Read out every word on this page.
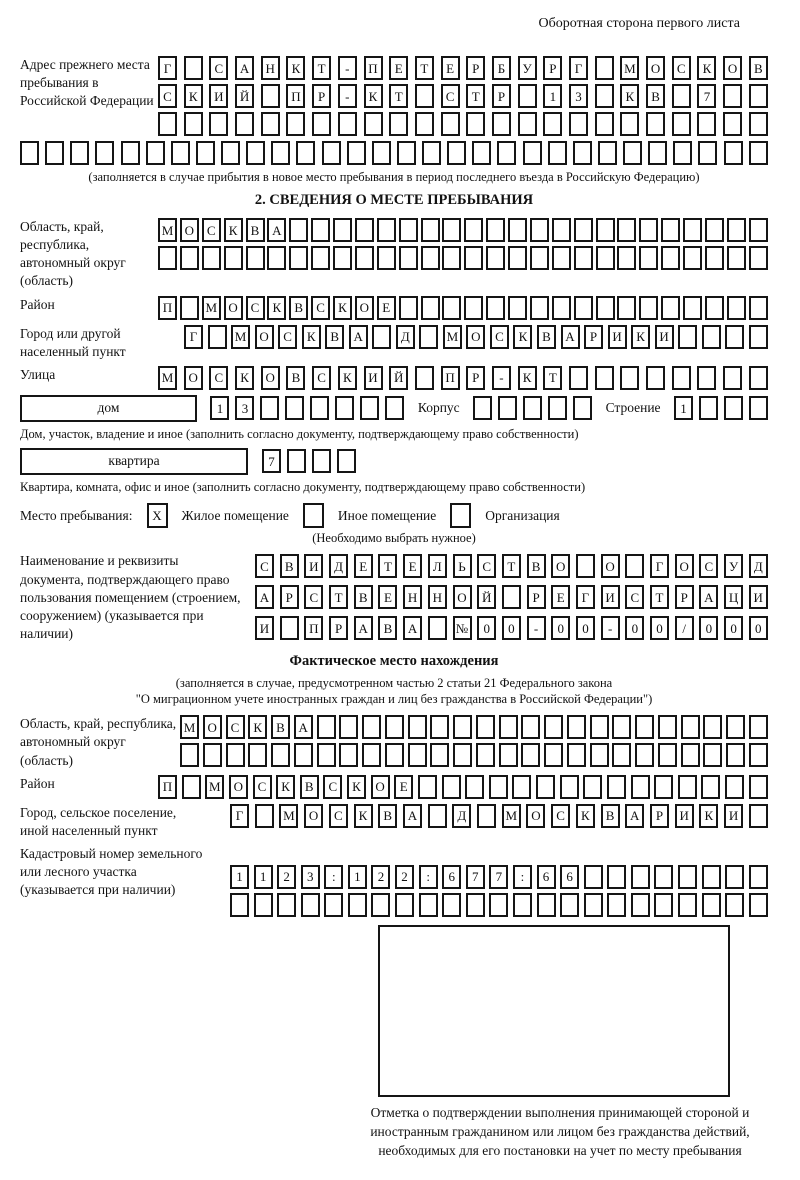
Оборотная сторона первого листа
Адрес прежнего места пребывания в Российской Федерации
Г	С	А	Н	К	Т	-	П	Е	Т	Е	Р	Б	У	Р	Г	М	О	С	К	О	В
С	К	И	Й	П	Р	-	К	Т	С	Т	Р	1	3	К	В	7
(заполняется в случае прибытия в новое место пребывания в период последнего въезда в Российскую Федерацию)
2. СВЕДЕНИЯ О МЕСТЕ ПРЕБЫВАНИЯ
Область, край, республика, автономный округ (область)
М О С	К	В А
Район	П	М О С	К	В	С	К О	Е
Город или другой населенный пункт
Г	М	О	С	К	В	А	Д	М	О	С	К	В	А	Р	И	К	И
Улица	М	О	С	К	О	В	С	К	И	Й	П	Р	-	К	Т
дом	1	3	Корпус	Строение	1
Дом, участок, владение и иное (заполнить согласно документу, подтверждающему право собственности)
квартира	7
Квартира, комната, офис и иное (заполнить согласно документу, подтверждающему право собственности)
Место пребывания:	X	Жилое помещение	Иное помещение	Организация
(Необходимо выбрать нужное)
Наименование и реквизиты документа, подтверждающего право пользования помещением (строением, сооружением) (указывается при наличии)
С	В	И	Д	Е	Т	Е	Л	Ь	С	Т	В	О	О	Г	О	С	У	Д
А	Р	С	Т	В	Е	Н	Н	О	Й	Р	Е	Г	И	С	Т	Р	А	Ц	И
И	П	Р	А	В	А	№	0	0	-	0	0	-	0	0	/	0	0	0
Фактическое место нахождения
(заполняется в случае, предусмотренном частью 2 статьи 21 Федерального закона
"О миграционном учете иностранных граждан и лиц без гражданства в Российской Федерации")
Область, край, республика, автономный округ (область)
М О	С	К	В	А
Район	П	М	О	С	К	В	С	К	О	Е
Город, сельское поселение, иной населенный пункт
Г	М	О	С	К	В	А	Д	М	О	С	К	В	А	Р	И	К	И
Кадастровый номер земельного или лесного участка (указывается при наличии)
1	1	2	3	:	1	2	2	:	6	7	7	:	6	6
Отметка о подтверждении выполнения принимающей стороной и иностранным гражданином или лицом без гражданства действий, необходимых для его постановки на учет по месту пребывания
